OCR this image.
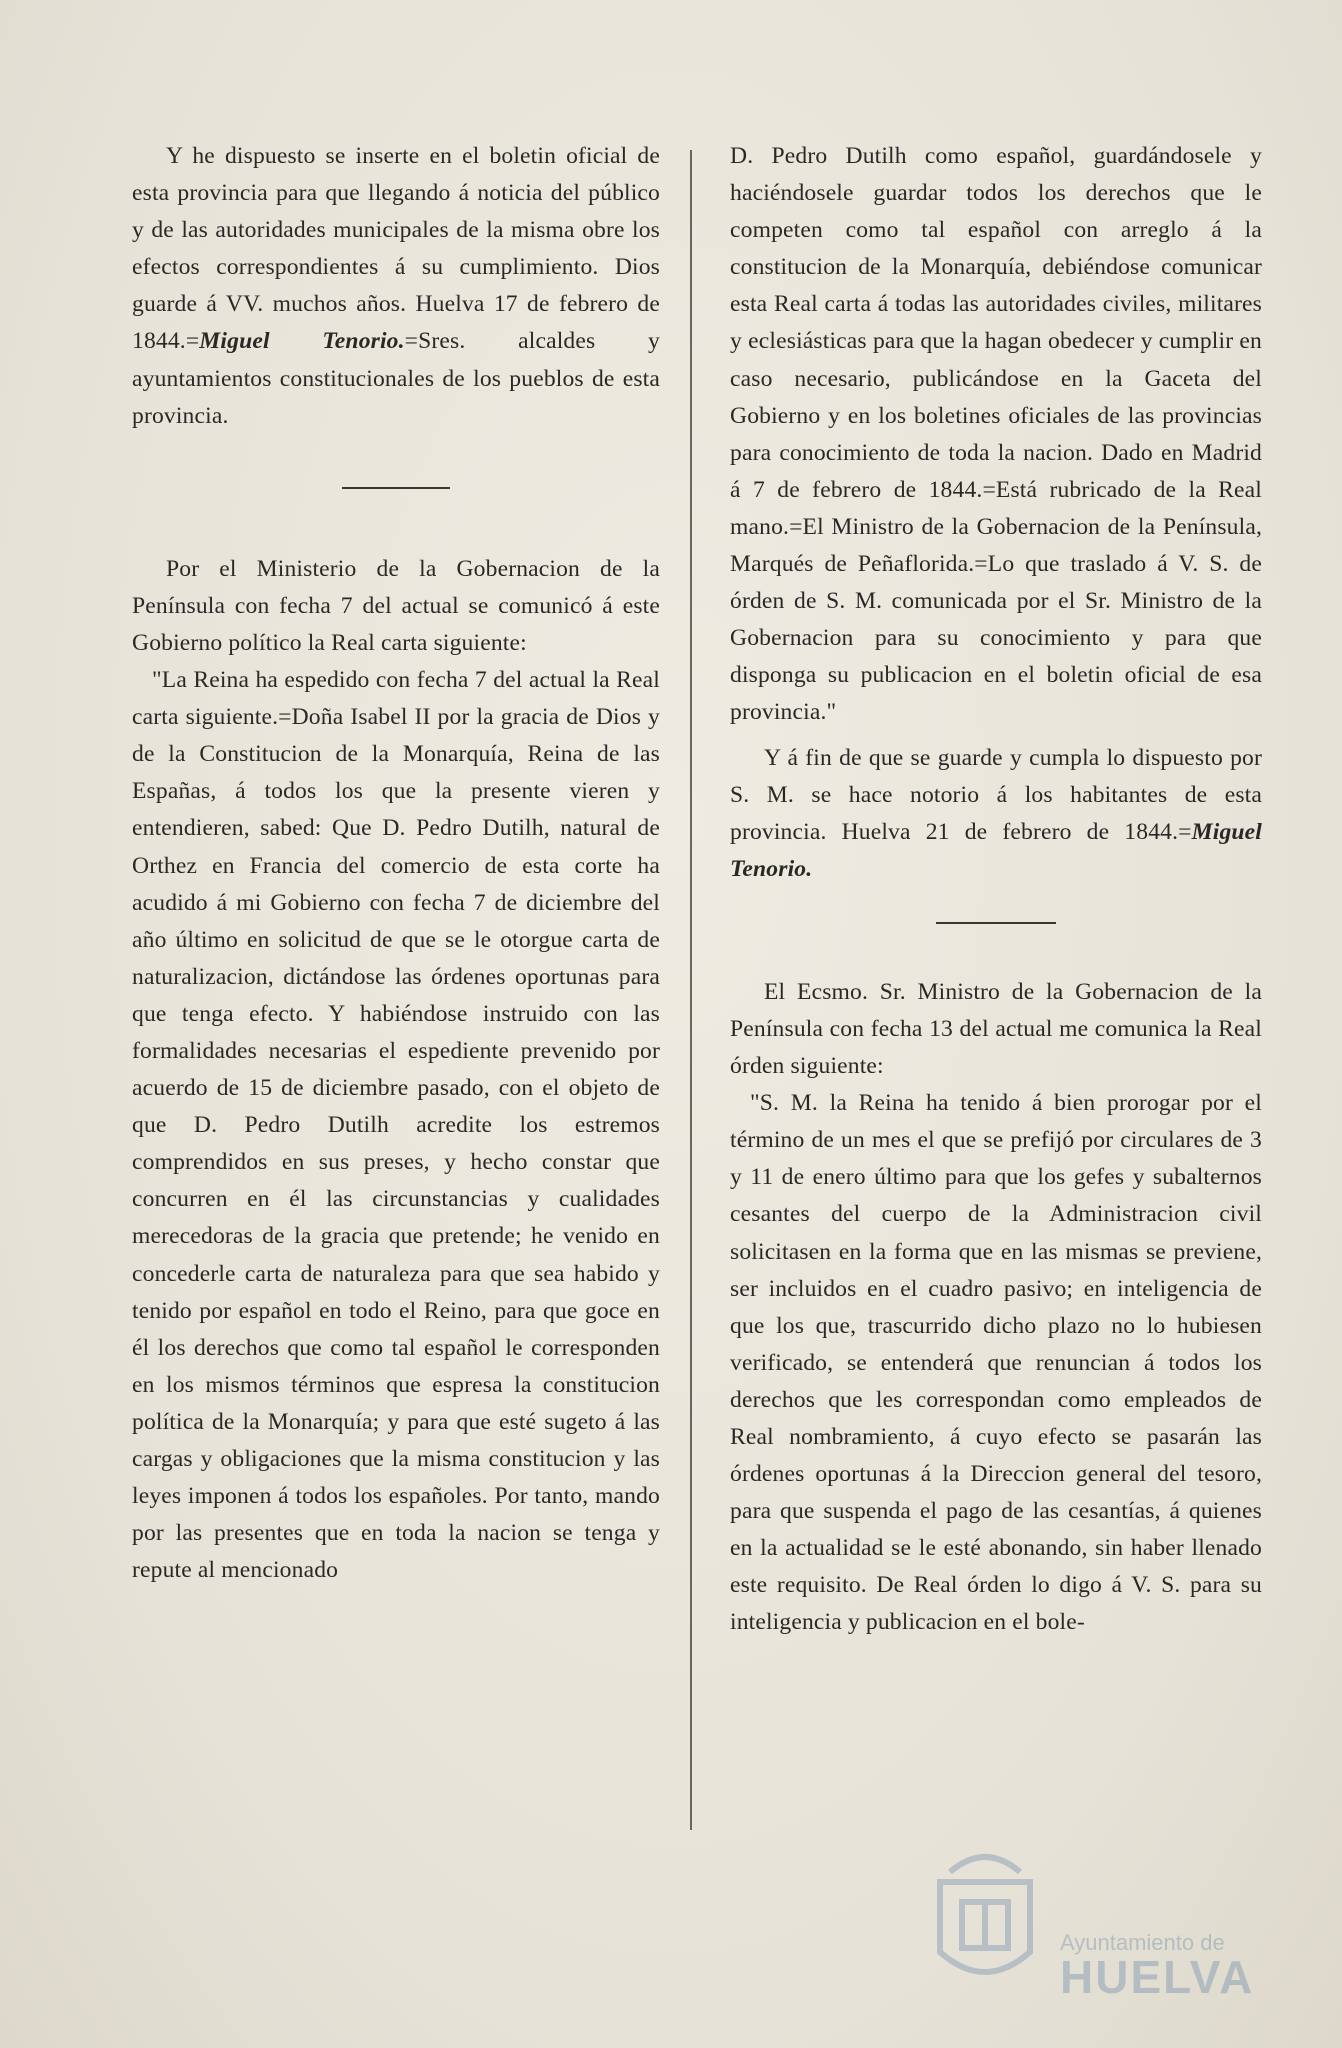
Y he dispuesto se inserte en el boletin oficial de esta provincia para que llegando á noticia del público y de las autoridades municipales de la misma obre los efectos correspondientes á su cumplimiento. Dios guarde á VV. muchos años. Huelva 17 de febrero de 1844.=Miguel Tenorio.=Sres. alcaldes y ayuntamientos constitucionales de los pueblos de esta provincia.

Por el Ministerio de la Gobernacion de la Península con fecha 7 del actual se comunicó á este Gobierno político la Real carta siguiente:

"La Reina ha espedido con fecha 7 del actual la Real carta siguiente.=Doña Isabel II por la gracia de Dios y de la Constitucion de la Monarquía, Reina de las Españas, á todos los que la presente vieren y entendieren, sabed: Que D. Pedro Dutilh, natural de Orthez en Francia del comercio de esta corte ha acudido á mi Gobierno con fecha 7 de diciembre del año último en solicitud de que se le otorgue carta de naturalizacion, dictándose las órdenes oportunas para que tenga efecto. Y habiéndose instruido con las formalidades necesarias el espediente prevenido por acuerdo de 15 de diciembre pasado, con el objeto de que D. Pedro Dutilh acredite los estremos comprendidos en sus preses, y hecho constar que concurren en él las circunstancias y cualidades merecedoras de la gracia que pretende; he venido en concederle carta de naturaleza para que sea habido y tenido por español en todo el Reino, para que goce en él los derechos que como tal español le corresponden en los mismos términos que espresa la constitucion política de la Monarquía; y para que esté sugeto á las cargas y obligaciones que la misma constitucion y las leyes imponen á todos los españoles. Por tanto, mando por las presentes que en toda la nacion se tenga y repute al mencionado

D. Pedro Dutilh como español, guardándosele y haciéndosele guardar todos los derechos que le competen como tal español con arreglo á la constitucion de la Monarquía, debiéndose comunicar esta Real carta á todas las autoridades civiles, militares y eclesiásticas para que la hagan obedecer y cumplir en caso necesario, publicándose en la Gaceta del Gobierno y en los boletines oficiales de las provincias para conocimiento de toda la nacion. Dado en Madrid á 7 de febrero de 1844.=Está rubricado de la Real mano.=El Ministro de la Gobernacion de la Península, Marqués de Peñaflorida.=Lo que traslado á V. S. de órden de S. M. comunicada por el Sr. Ministro de la Gobernacion para su conocimiento y para que disponga su publicacion en el boletin oficial de esa provincia."

Y á fin de que se guarde y cumpla lo dispuesto por S. M. se hace notorio á los habitantes de esta provincia. Huelva 21 de febrero de 1844.=Miguel Tenorio.

El Ecsmo. Sr. Ministro de la Gobernacion de la Península con fecha 13 del actual me comunica la Real órden siguiente:

"S. M. la Reina ha tenido á bien prorogar por el término de un mes el que se prefijó por circulares de 3 y 11 de enero último para que los gefes y subalternos cesantes del cuerpo de la Administracion civil solicitasen en la forma que en las mismas se previene, ser incluidos en el cuadro pasivo; en inteligencia de que los que, trascurrido dicho plazo no lo hubiesen verificado, se entenderá que renuncian á todos los derechos que les correspondan como empleados de Real nombramiento, á cuyo efecto se pasarán las órdenes oportunas á la Direccion general del tesoro, para que suspenda el pago de las cesantías, á quienes en la actualidad se le esté abonando, sin haber llenado este requisito. De Real órden lo digo á V. S. para su inteligencia y publicacion en el bole-

Ayuntamiento de
HUELVA
